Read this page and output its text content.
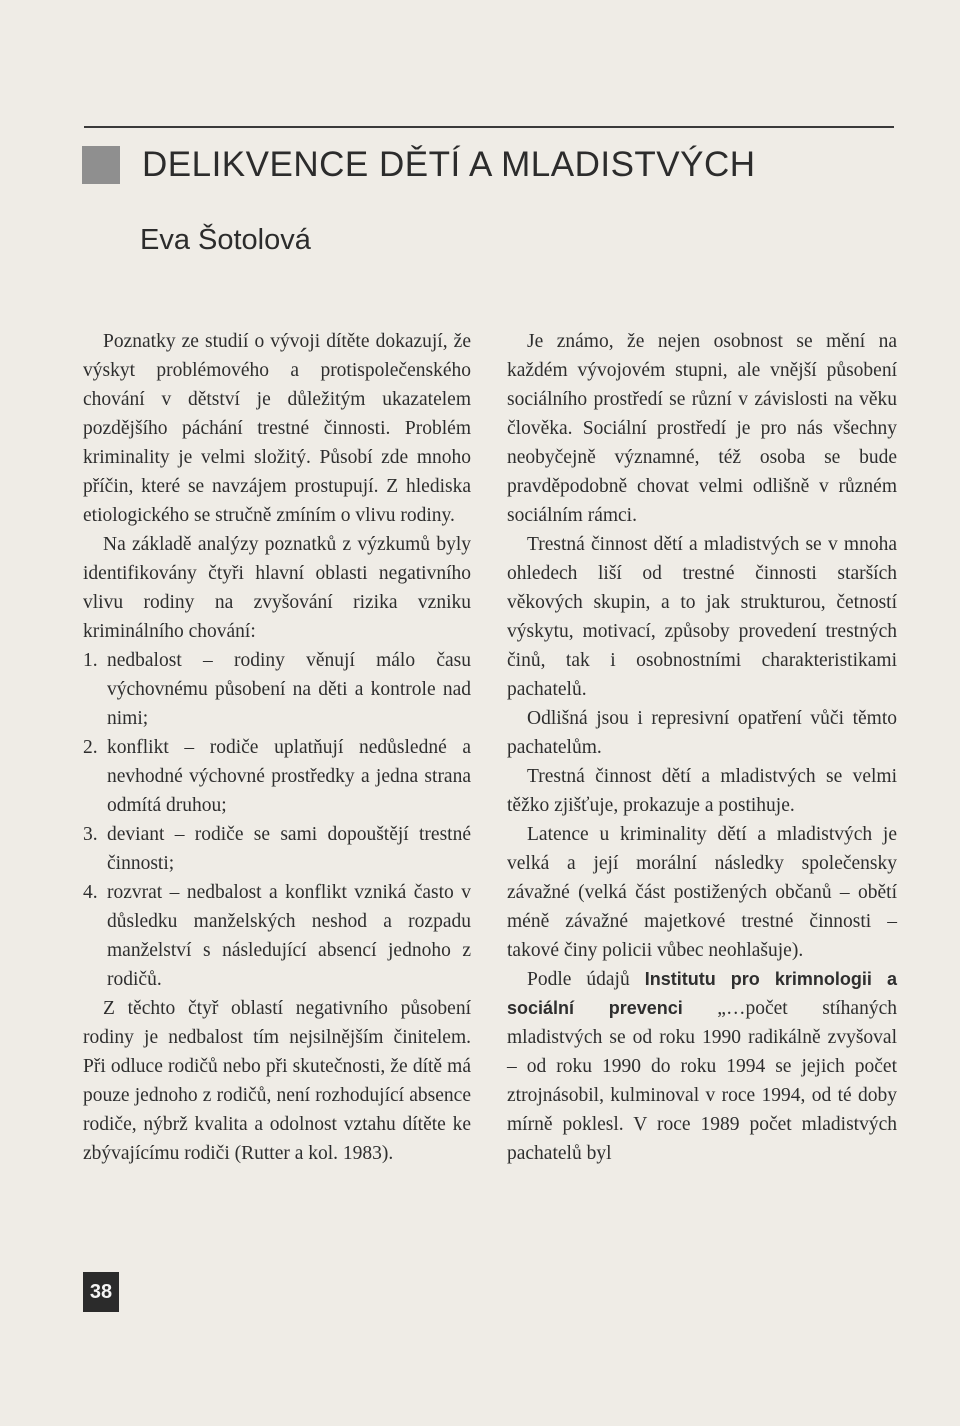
DELIKVENCE DĚTÍ A MLADISTVÝCH
Eva Šotolová

Poznatky ze studií o vývoji dítěte dokazují, že výskyt problémového a protispolečenského chování v dětství je důležitým ukazatelem pozdějšího páchání trestné činnosti. Problém kriminality je velmi složitý. Působí zde mnoho příčin, které se navzájem prostupují. Z hlediska etiologického se stručně zmíním o vlivu rodiny.

Na základě analýzy poznatků z výzkumů byly identifikovány čtyři hlavní oblasti negativního vlivu rodiny na zvyšování rizika vzniku kriminálního chování:

1. nedbalost – rodiny věnují málo času výchovnému působení na děti a kontrole nad nimi;
2. konflikt – rodiče uplatňují nedůsledné a nevhodné výchovné prostředky a jedna strana odmítá druhou;
3. deviant – rodiče se sami dopouštějí trestné činnosti;
4. rozvrat – nedbalost a konflikt vzniká často v důsledku manželských neshod a rozpadu manželství s následující absencí jednoho z rodičů.

Z těchto čtyř oblastí negativního působení rodiny je nedbalost tím nejsilnějším činitelem. Při odluce rodičů nebo při skutečnosti, že dítě má pouze jednoho z rodičů, není rozhodující absence rodiče, nýbrž kvalita a odolnost vztahu dítěte ke zbývajícímu rodiči (Rutter a kol. 1983).

Je známo, že nejen osobnost se mění na každém vývojovém stupni, ale vnější působení sociálního prostředí se různí v závislosti na věku člověka. Sociální prostředí je pro nás všechny neobyčejně významné, též osoba se bude pravděpodobně chovat velmi odlišně v různém sociálním rámci.

Trestná činnost dětí a mladistvých se v mnoha ohledech liší od trestné činnosti starších věkových skupin, a to jak strukturou, četností výskytu, motivací, způsoby provedení trestných činů, tak i osobnostními charakteristikami pachatelů.

Odlišná jsou i represivní opatření vůči těmto pachatelům.

Trestná činnost dětí a mladistvých se velmi těžko zjišťuje, prokazuje a postihuje.

Latence u kriminality dětí a mladistvých je velká a její morální následky společensky závažné (velká část postižených občanů – obětí méně závažné majetkové trestné činnosti – takové činy policii vůbec neohlašuje).

Podle údajů Institutu pro krimnologii a sociální prevenci „…počet stíhaných mladistvých se od roku 1990 radikálně zvyšoval – od roku 1990 do roku 1994 se jejich počet ztrojnásobil, kulminoval v roce 1994, od té doby mírně poklesl. V roce 1989 počet mladistvých pachatelů byl

38
